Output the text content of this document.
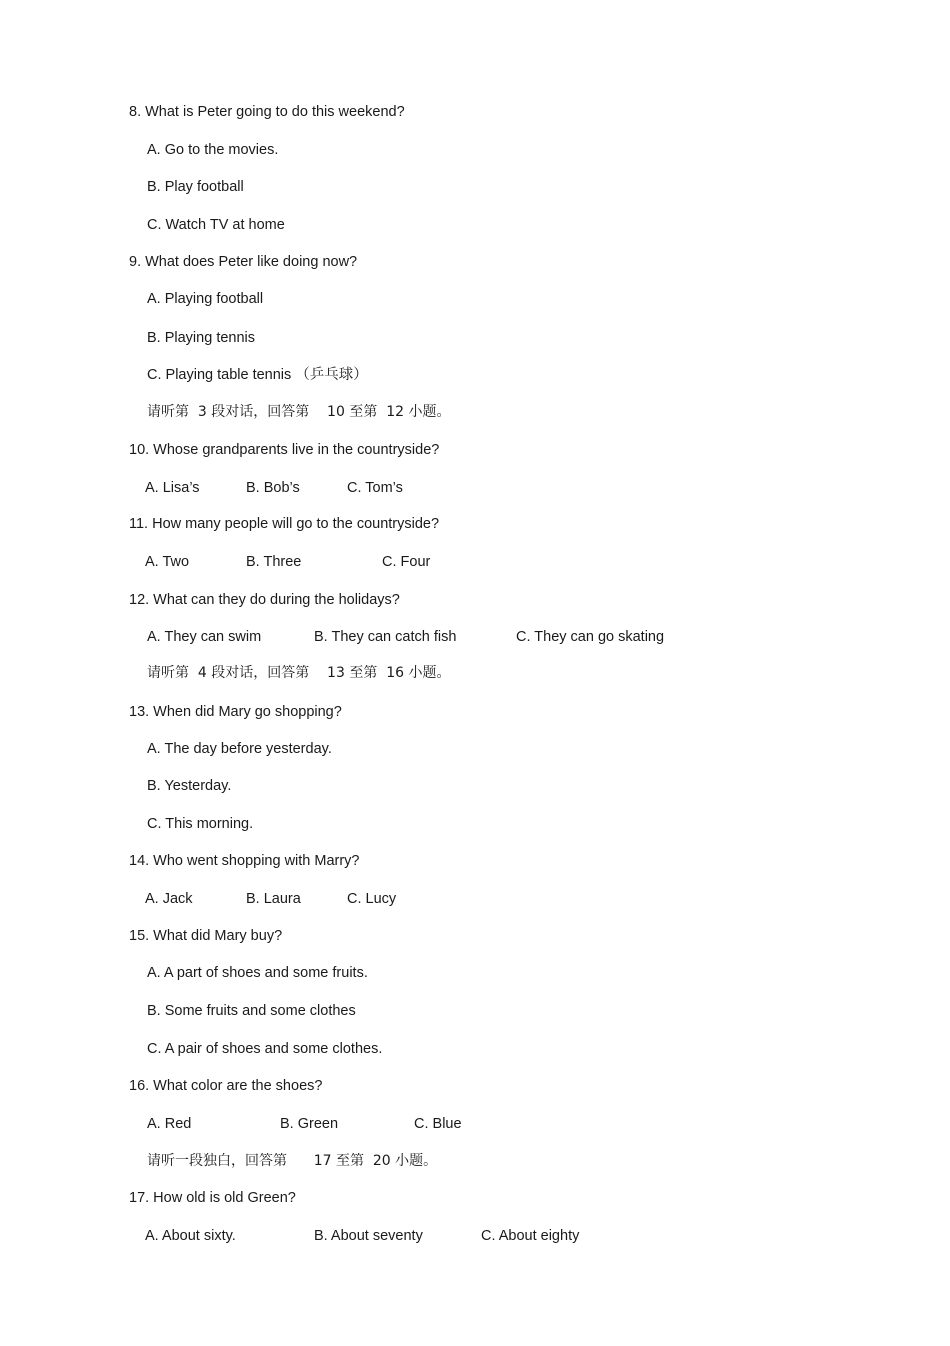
8. What is Peter going to do this weekend?
A. Go to the movies.
B. Play football
C. Watch TV at home
9. What does Peter like doing now?
A. Playing football
B. Playing tennis
C. Playing table tennis （乒乓球）
请听第  3 段对话，回答第    10 至第  12 小题。
10. Whose grandparents live in the countryside?
A. Lisa’s	B. Bob’s	C. Tom’s
11. How many people will go to the countryside?
A. Two	B. Three	C. Four
12. What can they do during the holidays?
A. They can swim	B. They can catch fish	C. They can go skating
请听第  4 段对话，回答第    13 至第  16 小题。
13. When did Mary go shopping?
A. The day before yesterday.
B. Yesterday.
C. This morning.
14. Who went shopping with Marry?
A. Jack	B. Laura	C. Lucy
15. What did Mary buy?
A. A part of shoes and some fruits.
B. Some fruits and some clothes
C. A pair of shoes and some clothes.
16. What color are the shoes?
A. Red	B. Green	C. Blue
请听一段独白，回答第      17 至第  20 小题。
17. How old is old Green?
A. About sixty.	B. About seventy	C. About eighty
